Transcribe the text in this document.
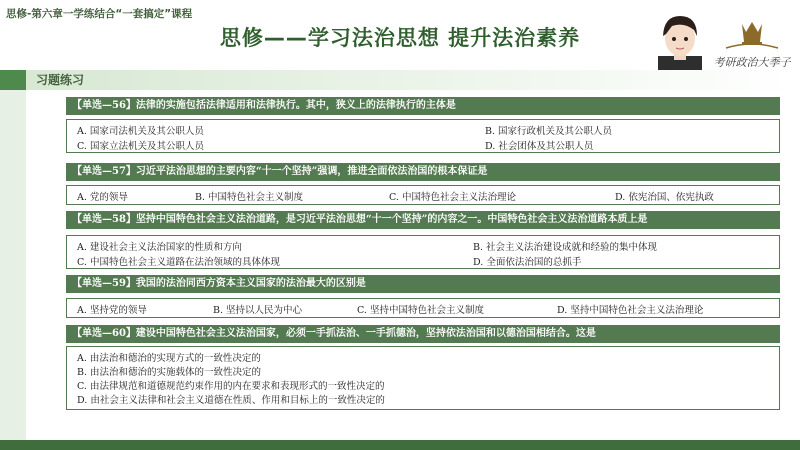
思修-第六章一学练结合“一套搞定”课程
思修——学习法治思想 提升法治素养
考研政治大季子
习题练习
【单选—56】法律的实施包括法律适用和法律执行。其中，狭义上的法律执行的主体是
A. 国家司法机关及其公职人员	B. 国家行政机关及其公职人员
C. 国家立法机关及其公职人员	D. 社会团体及其公职人员
【单选—57】习近平法治思想的主要内容“十一个坚持”强调，推进全面依法治国的根本保证是
A. 党的领导	B. 中国特色社会主义制度	C. 中国特色社会主义法治理论	D. 依宪治国、依宪执政
【单选—58】坚持中国特色社会主义法治道路，是习近平法治思想“十一个坚持”的内容之一。中国特色社会主义法治道路本质上是
A. 建设社会主义法治国家的性质和方向	B. 社会主义法治建设成就和经验的集中体现
C. 中国特色社会主义道路在法治领域的具体体现	D. 全面依法治国的总抓手
【单选—59】我国的法治同西方资本主义国家的法治最大的区别是
A. 坚持党的领导	B. 坚持以人民为中心	C. 坚持中国特色社会主义制度	D. 坚持中国特色社会主义法治理论
【单选—60】建设中国特色社会主义法治国家，必须一手抓法治、一手抓德治，坚持依法治国和以德治国相结合。这是
A. 由法治和德治的实现方式的一致性决定的
B. 由法治和德治的实施载体的一致性决定的
C. 由法律规范和道德规范约束作用的内在要求和表现形式的一致性决定的
D. 由社会主义法律和社会主义道德在性质、作用和目标上的一致性决定的
